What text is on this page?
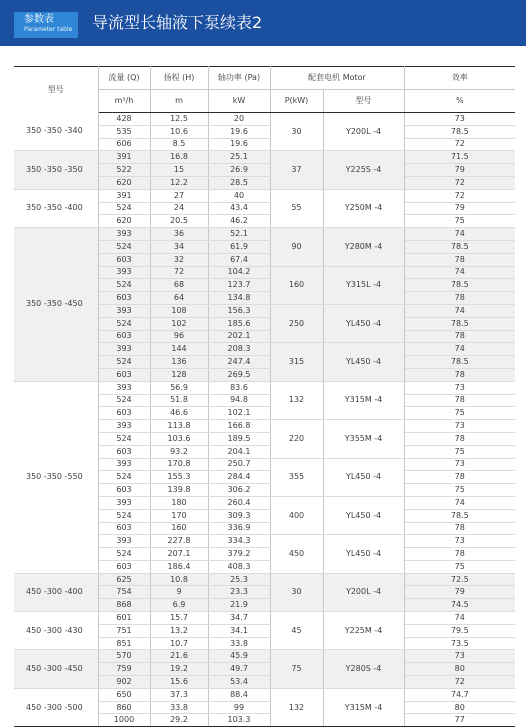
参数表
Parameter table	导流型长轴液下泵续表2
型号	流量 (Q)	扬程 (H)	轴功率 (Pa)	配套电机 Motor		效率
	m³/h	m	kW	P(kW)	型号	%
350 -350 -340	428	12.5	20	30	Y200L -4	73
	535	10.6	19.6			78.5
	606	8.5	19.6			72
350 -350 -350	391	16.8	25.1	37	Y225S -4	71.5
	522	15	26.9			79
	620	12.2	28.5			72
350 -350 -400	391	27	40	55	Y250M -4	72
	524	24	43.4			79
	620	20.5	46.2			75
350 -350 -450	393	36	52.1	90	Y280M -4	74
	524	34	61.9			78.5
	603	32	67.4			78
	393	72	104.2	160	Y315L -4	74
	524	68	123.7			78.5
	603	64	134.8			78
	393	108	156.3	250	YL450 -4	74
	524	102	185.6			78.5
	603	96	202.1			78
	393	144	208.3	315	YL450 -4	74
	524	136	247.4			78.5
	603	128	269.5			78
350 -350 -550	393	56.9	83.6	132	Y315M -4	73
	524	51.8	94.8			78
	603	46.6	102.1			75
	393	113.8	166.8	220	Y355M -4	73
	524	103.6	189.5			78
	603	93.2	204.1			75
	393	170.8	250.7	355	YL450 -4	73
	524	155.3	284.4			78
	603	139.8	306.2			75
	393	180	260.4	400	YL450 -4	74
	524	170	309.3			78.5
	603	160	336.9			78
	393	227.8	334.3	450	YL450 -4	73
	524	207.1	379.2			78
	603	186.4	408.3			75
450 -300 -400	625	10.8	25.3	30	Y200L -4	72.5
	754	9	23.3			79
	868	6.9	21.9			74.5
450 -300 -430	601	15.7	34.7	45	Y225M -4	74
	751	13.2	34.1			79.5
	851	10.7	33.8			73.5
450 -300 -450	570	21.6	45.9	75	Y280S -4	73
	759	19.2	49.7			80
	902	15.6	53.4			72
450 -300 -500	650	37.3	88.4	132	Y315M -4	74.7
	860	33.8	99			80
	1000	29.2	103.3			77
